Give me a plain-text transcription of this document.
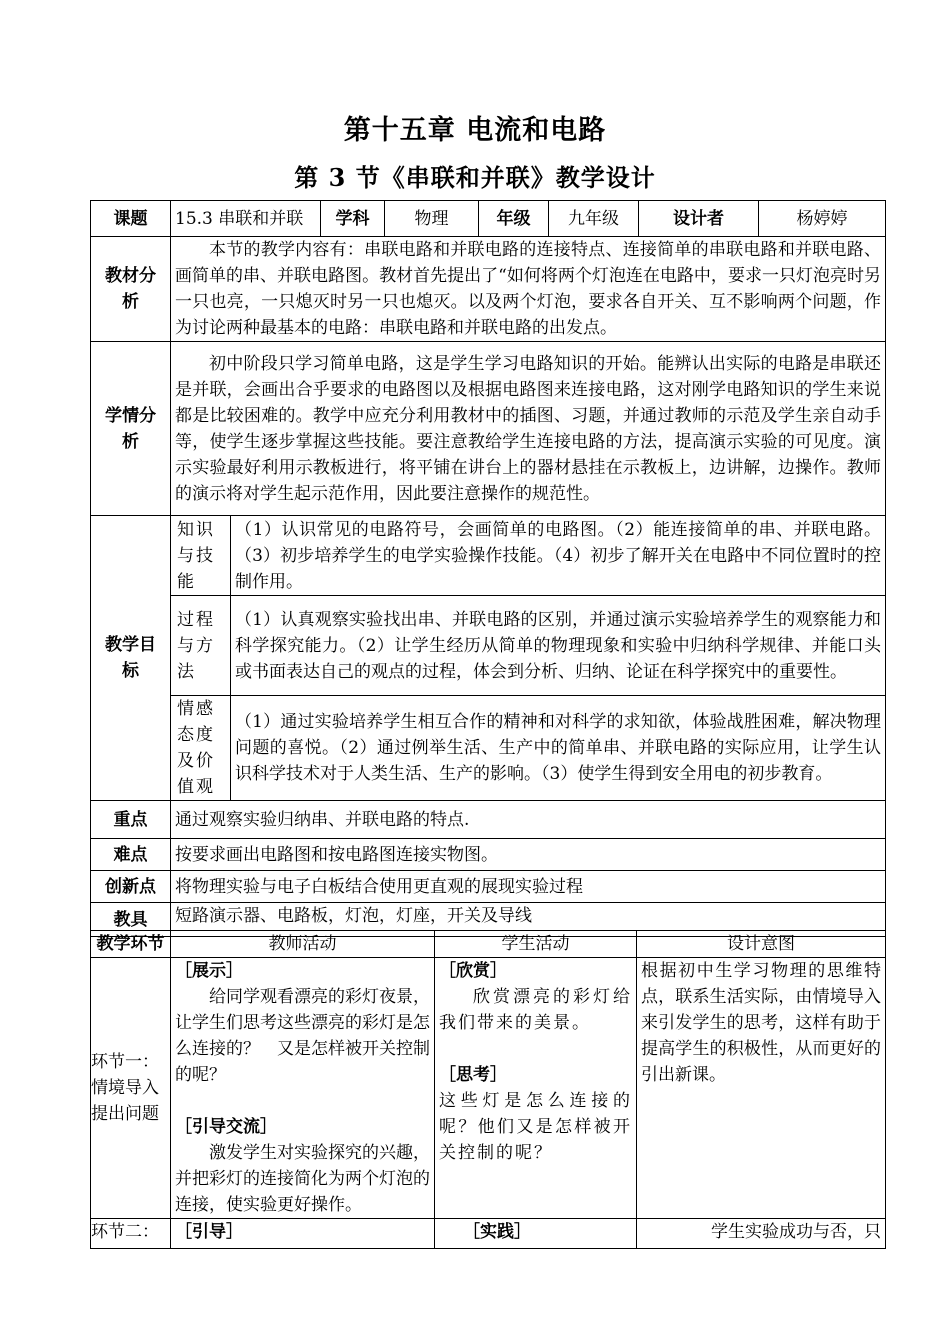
第十五章 电流和电路
第 3 节《串联和并联》教学设计
课题	15.3 串联和并联		学科	物理	年级	九年级	设计者	杨婷婷
教材分析	本节的教学内容有：串联电路和并联电路的连接特点、连接简单的串联电路和并联电路、画简单的串、并联电路图。教材首先提出了“如何将两个灯泡连在电路中，要求一只灯泡亮时另一只也亮，一只熄灭时另一只也熄灭。以及两个灯泡，要求各自开关、互不影响两个问题，作为讨论两种最基本的电路：串联电路和并联电路的出发点。							
学情分析	初中阶段只学习简单电路，这是学生学习电路知识的开始。能辨认出实际的电路是串联还是并联，会画出合乎要求的电路图以及根据电路图来连接电路，这对刚学电路知识的学生来说都是比较困难的。教学中应充分利用教材中的插图、习题，并通过教师的示范及学生亲自动手等，使学生逐步掌握这些技能。要注意教给学生连接电路的方法，提高演示实验的可见度。演示实验最好利用示教板进行，将平铺在讲台上的器材悬挂在示教板上，边讲解，边操作。教师的演示将对学生起示范作用，因此要注意操作的规范性。							
教学目标	知识与技能	（1）认识常见的电路符号，会画简单的电路图。（2）能连接简单的串、并联电路。（3）初步培养学生的电学实验操作技能。（4）初步了解开关在电路中不同位置时的控制作用。						
	过程与方法	（1）认真观察实验找出串、并联电路的区别，并通过演示实验培养学生的观察能力和科学探究能力。（2）让学生经历从简单的物理现象和实验中归纳科学规律、并能口头或书面表达自己的观点的过程，体会到分析、归纳、论证在科学探究中的重要性。						
	情感态度及价值观	（1）通过实验培养学生相互合作的精神和对科学的求知欲，体验战胜困难，解决物理问题的喜悦。（2）通过例举生活、生产中的简单串、并联电路的实际应用，让学生认识科学技术对于人类生活、生产的影响。（3）使学生得到安全用电的初步教育。						
重点	通过观察实验归纳串、并联电路的特点.							
难点	按要求画出电路图和按电路图连接实物图。							
创新点	将物理实验与电子白板结合使用更直观的展现实验过程							
教具	短路演示器、电路板，灯泡，灯座，开关及导线							
教学环节	教师活动	学生活动	设计意图
环节一：情境导入提出问题	［展示］
给同学观看漂亮的彩灯夜景，让学生们思考这些漂亮的彩灯是怎么连接的？　又是怎样被开关控制的呢？
［引导交流］
激发学生对实验探究的兴趣，并把彩灯的连接简化为两个灯泡的连接，使实验更好操作。	［欣赏］
欣赏漂亮的彩灯给我们带来的美景。
［思考］
这些灯是怎么连接的呢？他们又是怎样被开关控制的呢？	根据初中生学习物理的思维特点，联系生活实际，由情境导入来引发学生的思考，这样有助于提高学生的积极性，从而更好的引出新课。
环节二：	［引导］	［实践］	学生实验成功与否，只
